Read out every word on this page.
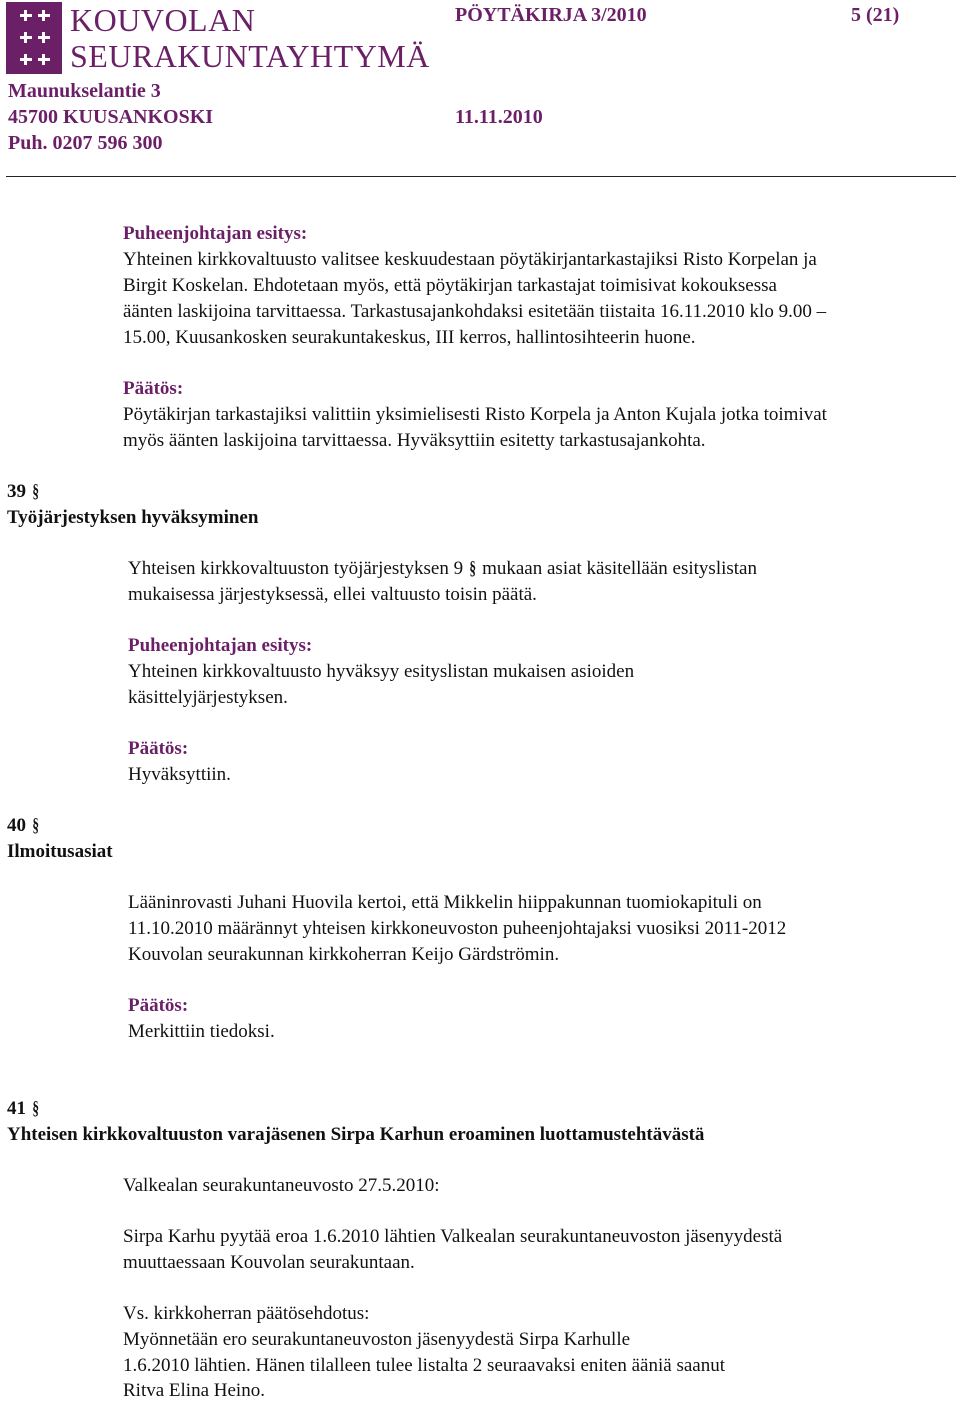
KOUVOLAN
SEURAKUNTAYHTYMÄ
PÖYTÄKIRJA 3/2010	5 (21)
Maunukselantie 3
45700 KUUSANKOSKI	11.11.2010
Puh. 0207 596 300
Puheenjohtajan esitys:
Yhteinen kirkkovaltuusto valitsee keskuudestaan pöytäkirjantarkastajiksi Risto Korpelan ja
Birgit Koskelan. Ehdotetaan myös, että pöytäkirjan tarkastajat toimisivat kokouksessa
äänten laskijoina tarvittaessa. Tarkastusajankohdaksi esitetään tiistaita 16.11.2010 klo 9.00 –
15.00, Kuusankosken seurakuntakeskus, III kerros, hallintosihteerin huone.
Päätös:
Pöytäkirjan tarkastajiksi valittiin yksimielisesti Risto Korpela ja Anton Kujala jotka toimivat
myös äänten laskijoina tarvittaessa. Hyväksyttiin esitetty tarkastusajankohta.
39 §
Työjärjestyksen hyväksyminen
Yhteisen kirkkovaltuuston työjärjestyksen 9 § mukaan asiat käsitellään esityslistan
mukaisessa järjestyksessä, ellei valtuusto toisin päätä.
Puheenjohtajan esitys:
Yhteinen kirkkovaltuusto hyväksyy esityslistan mukaisen asioiden
käsittelyjärjestyksen.
Päätös:
Hyväksyttiin.
40 §
Ilmoitusasiat
Lääninrovasti Juhani Huovila kertoi, että Mikkelin hiippakunnan tuomiokapituli on
11.10.2010 määrännyt yhteisen kirkkoneuvoston puheenjohtajaksi vuosiksi 2011-2012
Kouvolan seurakunnan kirkkoherran Keijo Gärdströmin.
Päätös:
Merkittiin tiedoksi.
41 §
Yhteisen kirkkovaltuuston varajäsenen Sirpa Karhun eroaminen luottamustehtävästä
Valkealan seurakuntaneuvosto 27.5.2010:
Sirpa Karhu pyytää eroa 1.6.2010 lähtien Valkealan seurakuntaneuvoston jäsenyydestä
muuttaessaan Kouvolan seurakuntaan.
Vs. kirkkoherran päätösehdotus:
Myönnetään ero seurakuntaneuvoston jäsenyydestä Sirpa Karhulle
1.6.2010 lähtien. Hänen tilalleen tulee listalta 2 seuraavaksi eniten ääniä saanut
Ritva Elina Heino.
